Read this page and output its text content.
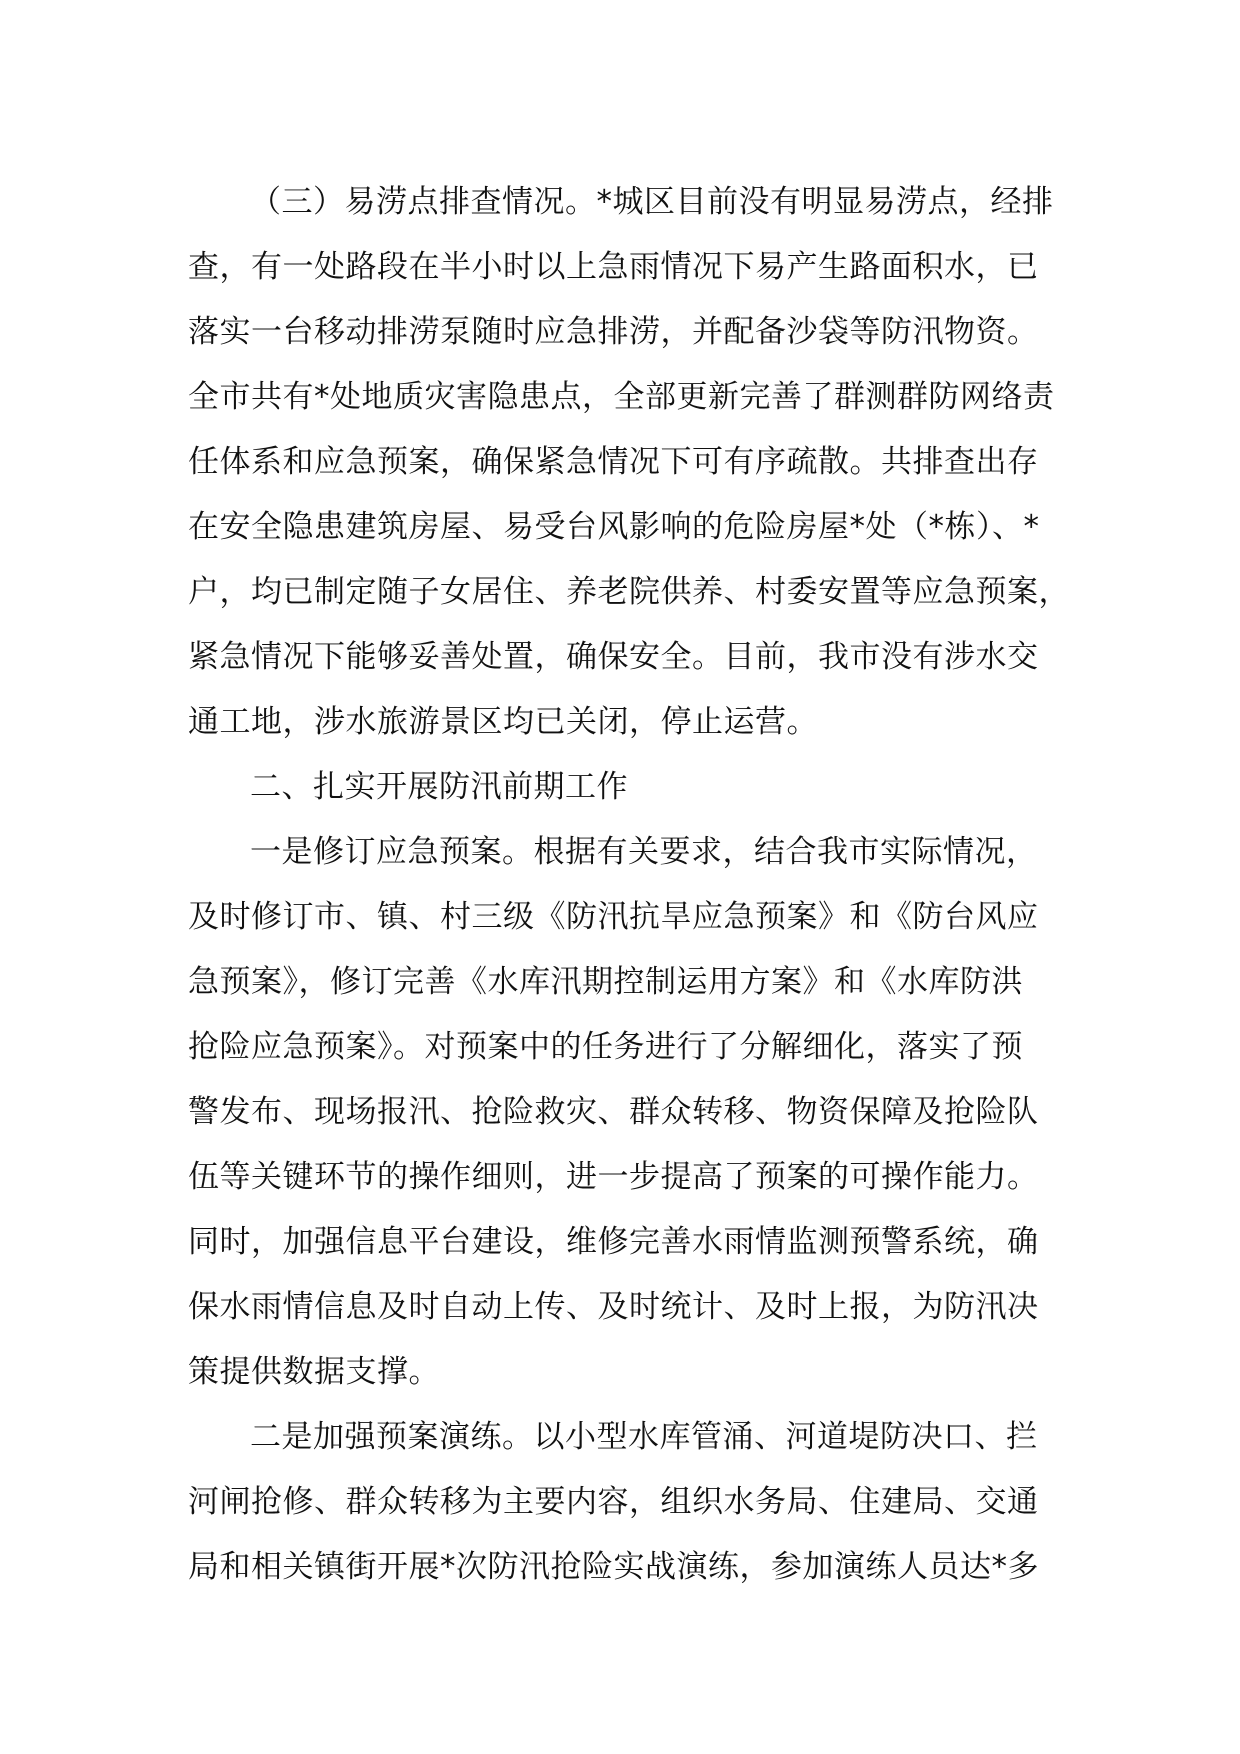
（三）易涝点排查情况。*城区目前没有明显易涝点，经排
查，有一处路段在半小时以上急雨情况下易产生路面积水，已
落实一台移动排涝泵随时应急排涝，并配备沙袋等防汛物资。
全市共有*处地质灾害隐患点，全部更新完善了群测群防网络责
任体系和应急预案，确保紧急情况下可有序疏散。共排查出存
在安全隐患建筑房屋、易受台风影响的危险房屋*处（*栋）、*
户，均已制定随子女居住、养老院供养、村委安置等应急预案，
紧急情况下能够妥善处置，确保安全。目前，我市没有涉水交
通工地，涉水旅游景区均已关闭，停止运营。
二、扎实开展防汛前期工作
一是修订应急预案。根据有关要求，结合我市实际情况，
及时修订市、镇、村三级《防汛抗旱应急预案》和《防台风应
急预案》，修订完善《水库汛期控制运用方案》和《水库防洪
抢险应急预案》。对预案中的任务进行了分解细化，落实了预
警发布、现场报汛、抢险救灾、群众转移、物资保障及抢险队
伍等关键环节的操作细则，进一步提高了预案的可操作能力。
同时，加强信息平台建设，维修完善水雨情监测预警系统，确
保水雨情信息及时自动上传、及时统计、及时上报，为防汛决
策提供数据支撑。
二是加强预案演练。以小型水库管涌、河道堤防决口、拦
河闸抢修、群众转移为主要内容，组织水务局、住建局、交通
局和相关镇街开展*次防汛抢险实战演练，参加演练人员达*多
